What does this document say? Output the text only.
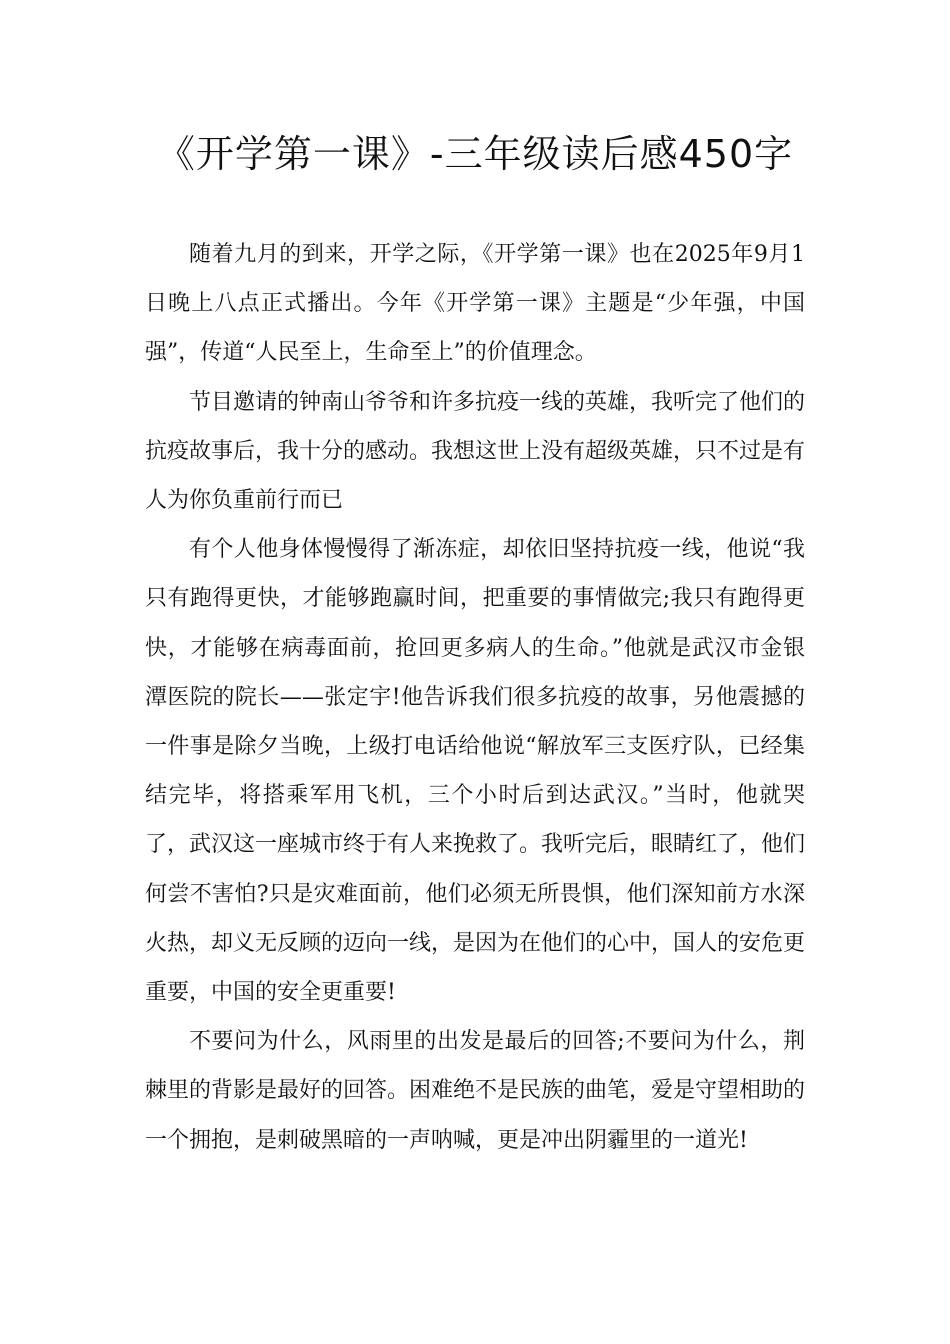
《开学第一课》-三年级读后感450字

随着九月的到来，开学之际，《开学第一课》也在2025年9月1日晚上八点正式播出。今年《开学第一课》主题是“少年强，中国强”，传道“人民至上，生命至上”的价值理念。

节目邀请的钟南山爷爷和许多抗疫一线的英雄，我听完了他们的抗疫故事后，我十分的感动。我想这世上没有超级英雄，只不过是有人为你负重前行而已

有个人他身体慢慢得了渐冻症，却依旧坚持抗疫一线，他说“我只有跑得更快，才能够跑赢时间，把重要的事情做完;我只有跑得更快，才能够在病毒面前，抢回更多病人的生命。”他就是武汉市金银潭医院的院长——张定宇!他告诉我们很多抗疫的故事，另他震撼的一件事是除夕当晚，上级打电话给他说“解放军三支医疗队，已经集结完毕，将搭乘军用飞机，三个小时后到达武汉。”当时，他就哭了，武汉这一座城市终于有人来挽救了。我听完后，眼睛红了，他们何尝不害怕?只是灾难面前，他们必须无所畏惧，他们深知前方水深火热，却义无反顾的迈向一线，是因为在他们的心中，国人的安危更重要，中国的安全更重要!

不要问为什么，风雨里的出发是最后的回答;不要问为什么，荆棘里的背影是最好的回答。困难绝不是民族的曲笔，爱是守望相助的一个拥抱，是刺破黑暗的一声呐喊，更是冲出阴霾里的一道光!
